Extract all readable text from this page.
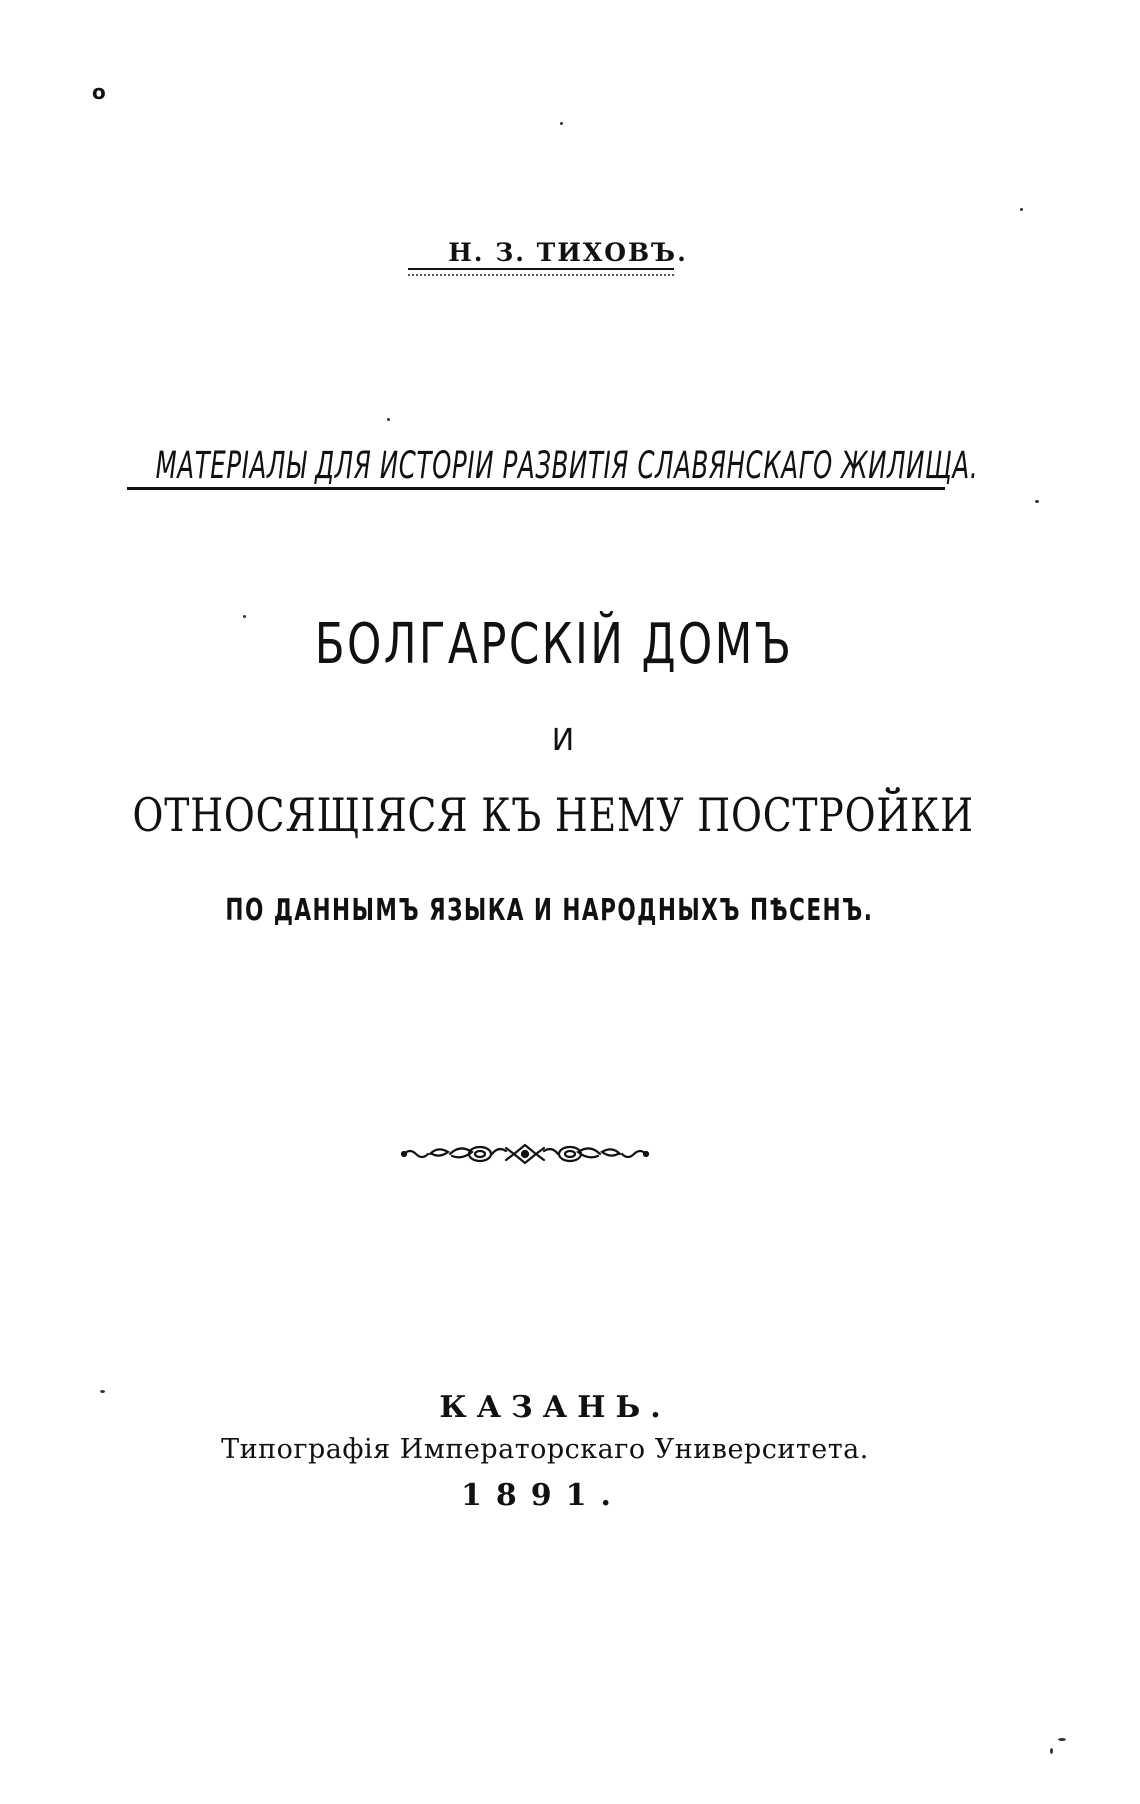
o
Н. З. ТИХОВЪ.
МАТЕРІАЛЫ ДЛЯ ИСТОРІИ РАЗВИТІЯ СЛАВЯНСКАГО ЖИЛИЩА.
БОЛГАРСКІЙ ДОМЪ
И
ОТНОСЯЩІЯСЯ КЪ НЕМУ ПОСТРОЙКИ
ПО ДАННЫМЪ ЯЗЫКА И НАРОДНЫХЪ ПѢСЕНЪ.
КАЗАНЬ.
Типографія Императорскаго Университета.
1891.
